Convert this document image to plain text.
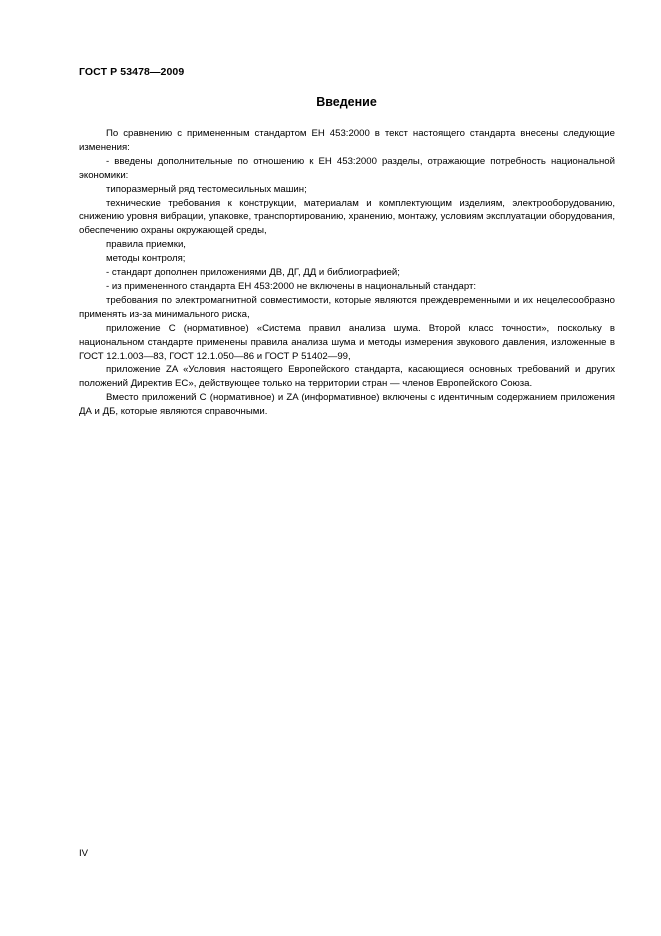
ГОСТ Р 53478—2009
Введение

По сравнению с примененным стандартом ЕН 453:2000 в текст настоящего стандарта внесены следующие изменения:

- введены дополнительные по отношению к ЕН 453:2000 разделы, отражающие потребность национальной экономики:

типоразмерный ряд тестомесильных машин;

технические требования к конструкции, материалам и комплектующим изделиям, электрооборудованию, снижению уровня вибрации, упаковке, транспортированию, хранению, монтажу, условиям эксплуатации оборудования, обеспечению охраны окружающей среды,

правила приемки,

методы контроля;

- стандарт дополнен приложениями ДВ, ДГ, ДД и библиографией;

- из примененного стандарта ЕН 453:2000 не включены в национальный стандарт:

требования по электромагнитной совместимости, которые являются преждевременными и их нецелесообразно применять из-за минимального риска,

приложение С (нормативное) «Система правил анализа шума. Второй класс точности», поскольку в национальном стандарте применены правила анализа шума и методы измерения звукового давления, изложенные в ГОСТ 12.1.003—83, ГОСТ 12.1.050—86 и ГОСТ Р 51402—99,

приложение ZA «Условия настоящего Европейского стандарта, касающиеся основных требований и других положений Директив ЕС», действующее только на территории стран — членов Европейского Союза.

Вместо приложений С (нормативное) и ZA (информативное) включены с идентичным содержанием приложения ДА и ДБ, которые являются справочными.

IV
